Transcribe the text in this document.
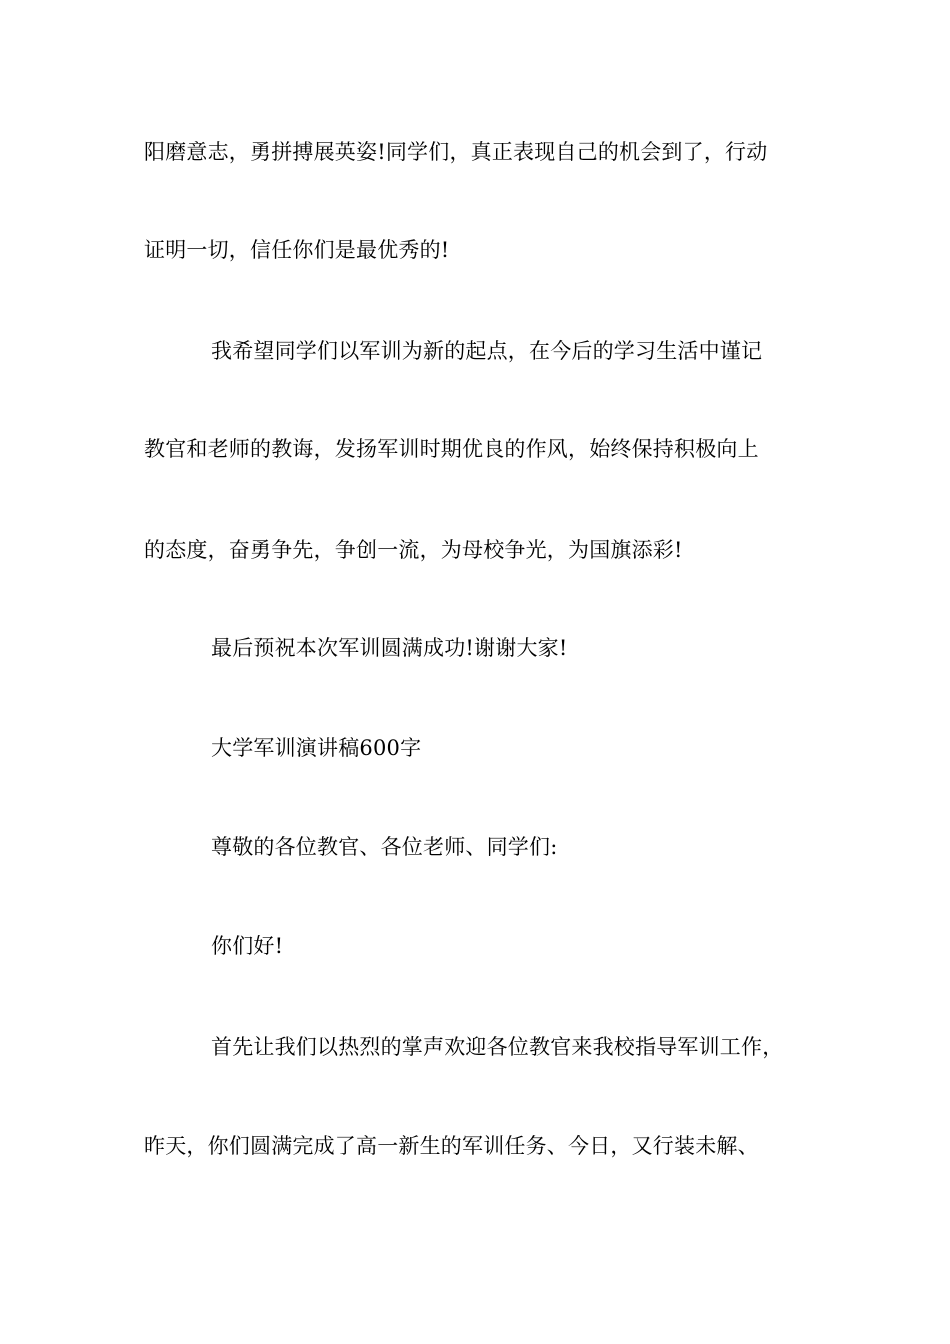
阳磨意志，勇拼搏展英姿!同学们，真正表现自己的机会到了，行动
证明一切，信任你们是最优秀的!
我希望同学们以军训为新的起点，在今后的学习生活中谨记
教官和老师的教诲，发扬军训时期优良的作风，始终保持积极向上
的态度，奋勇争先，争创一流，为母校争光，为国旗添彩!
最后预祝本次军训圆满成功!谢谢大家!
大学军训演讲稿600字
尊敬的各位教官、各位老师、同学们:
你们好!
首先让我们以热烈的掌声欢迎各位教官来我校指导军训工作，
昨天，你们圆满完成了高一新生的军训任务、今日，又行装未解、
